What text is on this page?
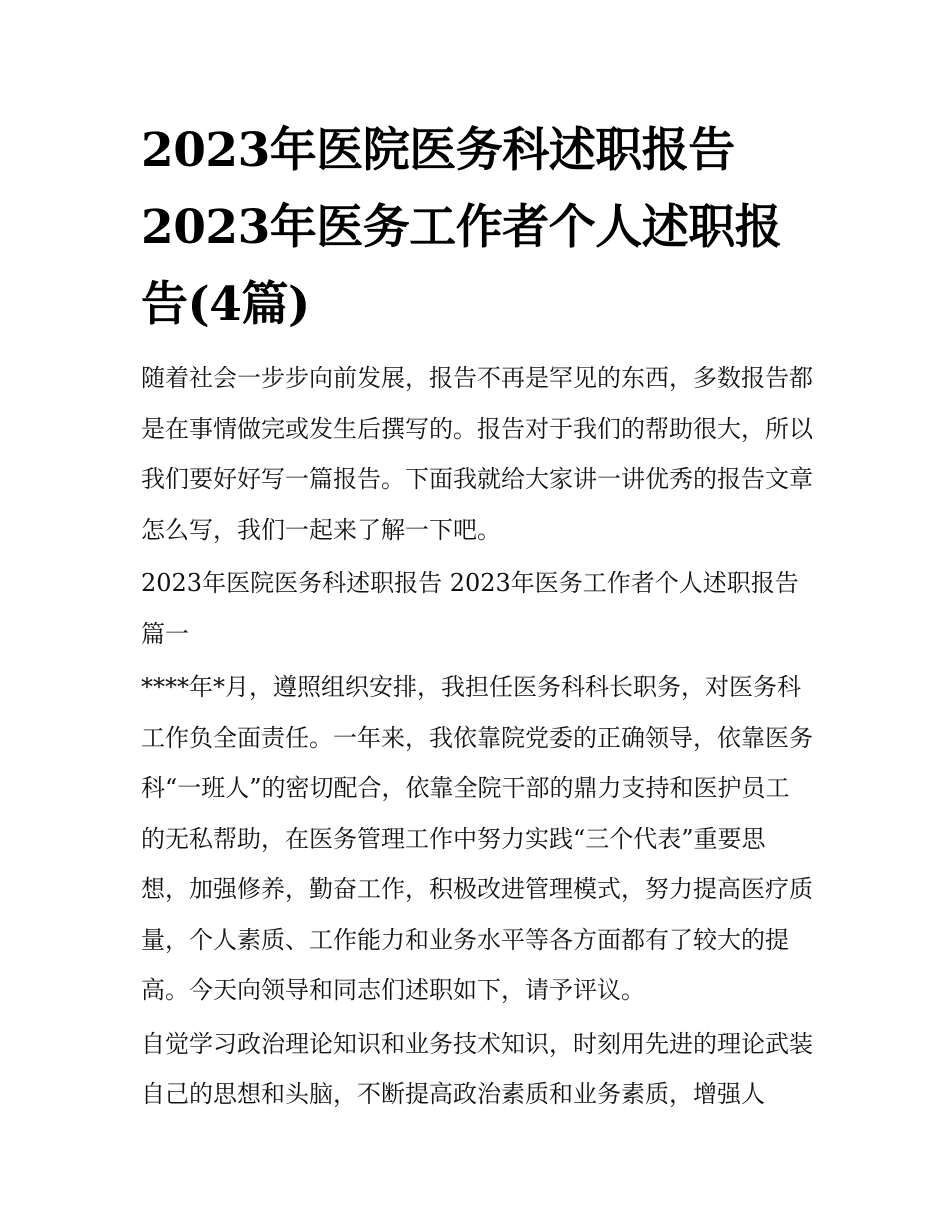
2023年医院医务科述职报告
2023年医务工作者个人述职报告(4篇)

随着社会一步步向前发展，报告不再是罕见的东西，多数报告都是在事情做完或发生后撰写的。报告对于我们的帮助很大，所以我们要好好写一篇报告。下面我就给大家讲一讲优秀的报告文章怎么写，我们一起来了解一下吧。

2023年医院医务科述职报告 2023年医务工作者个人述职报告篇一

****年*月，遵照组织安排，我担任医务科科长职务，对医务科工作负全面责任。一年来，我依靠院党委的正确领导，依靠医务科“一班人”的密切配合，依靠全院干部的鼎力支持和医护员工的无私帮助，在医务管理工作中努力实践“三个代表”重要思想，加强修养，勤奋工作，积极改进管理模式，努力提高医疗质量，个人素质、工作能力和业务水平等各方面都有了较大的提高。今天向领导和同志们述职如下，请予评议。

自觉学习政治理论知识和业务技术知识，时刻用先进的理论武装自己的思想和头脑，不断提高政治素质和业务素质，增强人
